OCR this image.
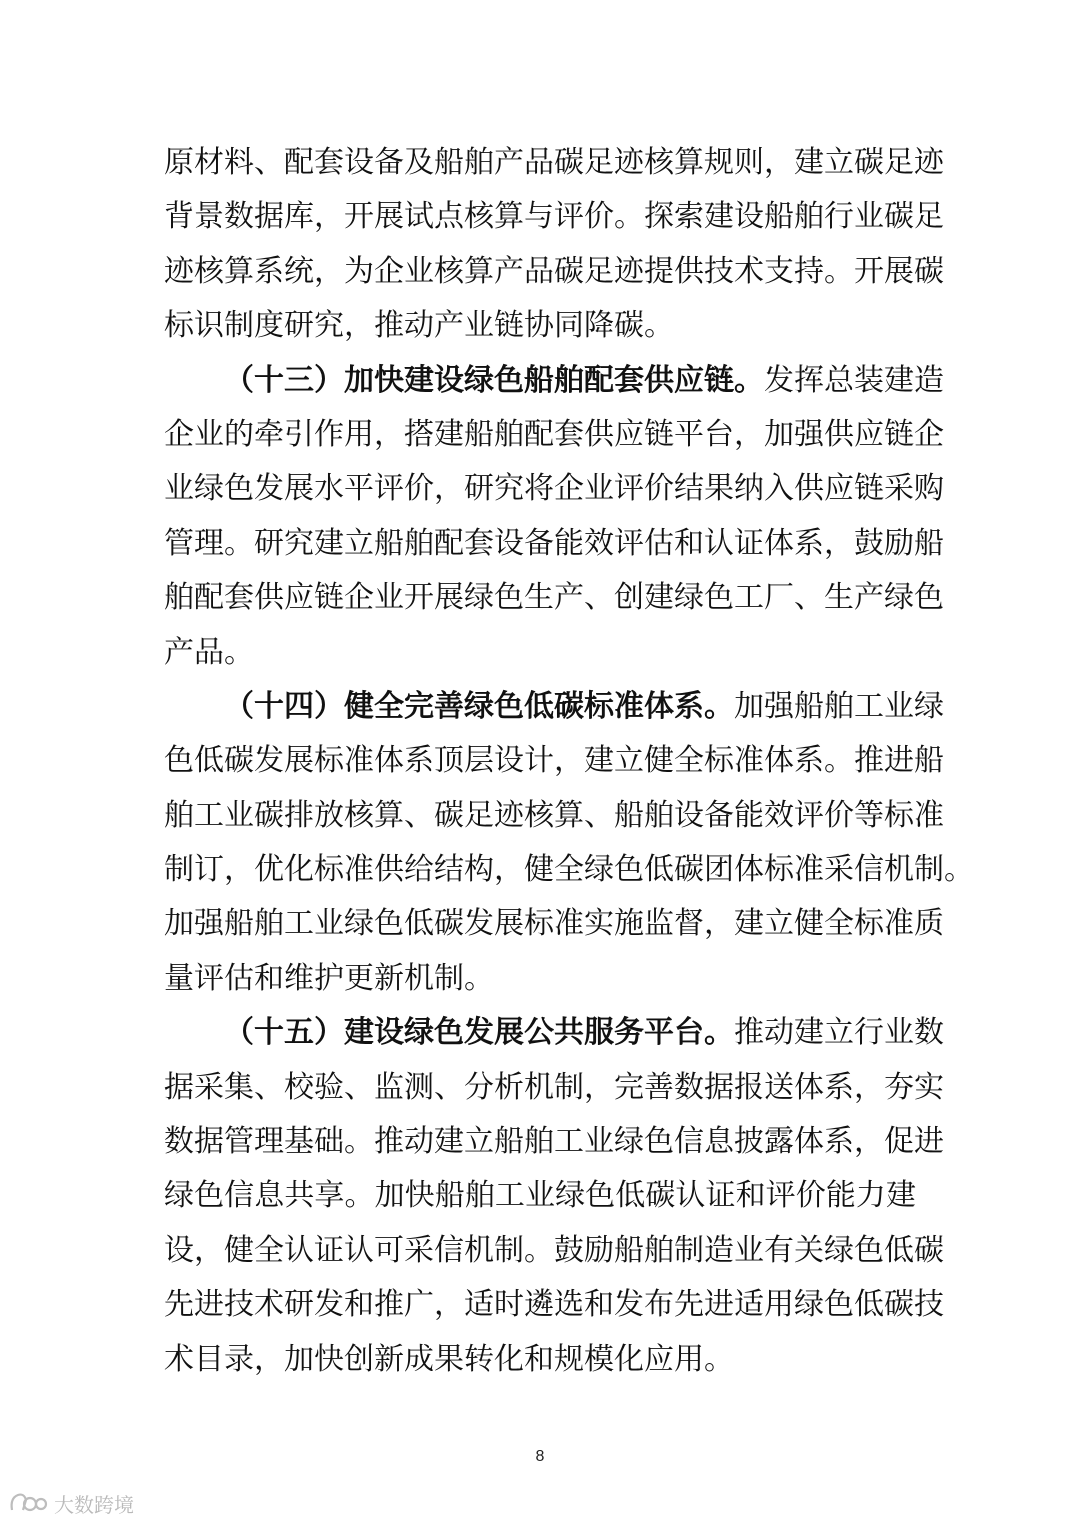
原材料、配套设备及船舶产品碳足迹核算规则，建立碳足迹
背景数据库，开展试点核算与评价。探索建设船舶行业碳足
迹核算系统，为企业核算产品碳足迹提供技术支持。开展碳
标识制度研究，推动产业链协同降碳。
（十三）加快建设绿色船舶配套供应链。发挥总装建造
企业的牵引作用，搭建船舶配套供应链平台，加强供应链企
业绿色发展水平评价，研究将企业评价结果纳入供应链采购
管理。研究建立船舶配套设备能效评估和认证体系，鼓励船
舶配套供应链企业开展绿色生产、创建绿色工厂、生产绿色
产品。
（十四）健全完善绿色低碳标准体系。加强船舶工业绿
色低碳发展标准体系顶层设计，建立健全标准体系。推进船
舶工业碳排放核算、碳足迹核算、船舶设备能效评价等标准
制订，优化标准供给结构，健全绿色低碳团体标准采信机制。
加强船舶工业绿色低碳发展标准实施监督，建立健全标准质
量评估和维护更新机制。
（十五）建设绿色发展公共服务平台。推动建立行业数
据采集、校验、监测、分析机制，完善数据报送体系，夯实
数据管理基础。推动建立船舶工业绿色信息披露体系，促进
绿色信息共享。加快船舶工业绿色低碳认证和评价能力建
设，健全认证认可采信机制。鼓励船舶制造业有关绿色低碳
先进技术研发和推广，适时遴选和发布先进适用绿色低碳技
术目录，加快创新成果转化和规模化应用。
8
大数跨境
